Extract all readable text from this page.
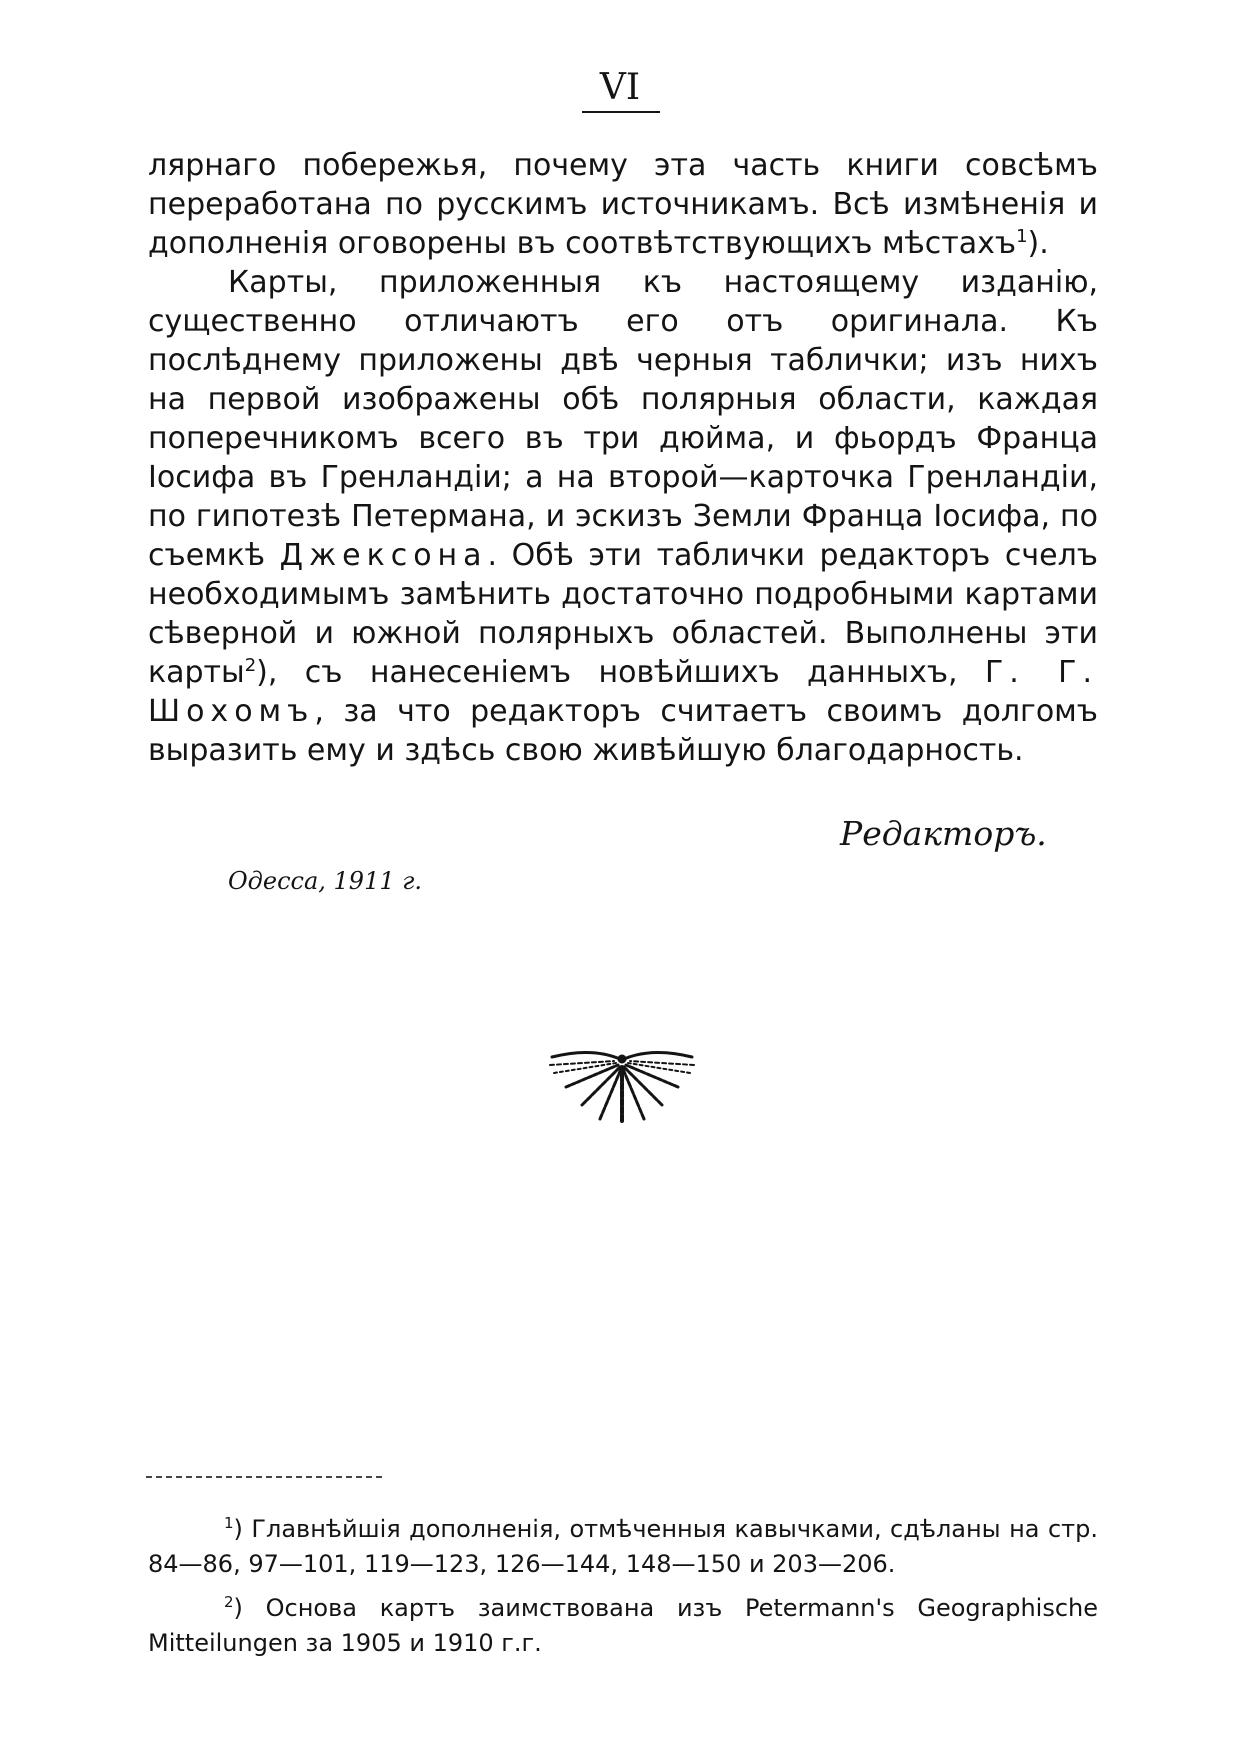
VI

лярнаго побережья, почему эта часть книги совсѣмъ переработана по русскимъ источникамъ. Всѣ измѣненія и дополненія оговорены въ соотвѣтствующихъ мѣстахъ$^1$).

Карты, приложенныя къ настоящему изданію, существенно отличаютъ его отъ оригинала. Къ послѣднему приложены двѣ черныя таблички; изъ нихъ на первой изображены обѣ полярныя области, каждая поперечникомъ всего въ три дюйма, и фьордъ Франца Іосифа въ Гренландіи; а на второй—карточка Гренландіи, по гипотезѣ Петермана, и эскизъ Земли Франца Іосифа, по съемкѣ Джексона. Обѣ эти таблички редакторъ счелъ необходимымъ замѣнить достаточно подробными картами сѣверной и южной полярныхъ областей. Выполнены эти карты$^2$), съ нанесеніемъ новѣйшихъ данныхъ, Г. Г. Шохомъ, за что редакторъ считаетъ своимъ долгомъ выразить ему и здѣсь свою живѣйшую благодарность.

Редакторъ.
Одесса, 1911 г.

$^1$) Главнѣйшія дополненія, отмѣченныя кавычками, сдѣланы на стр. 84—86, 97—101, 119—123, 126—144, 148—150 и 203—206.

$^2$) Основа картъ заимствована изъ Petermann's Geographische Mitteilungen за 1905 и 1910 г.г.
